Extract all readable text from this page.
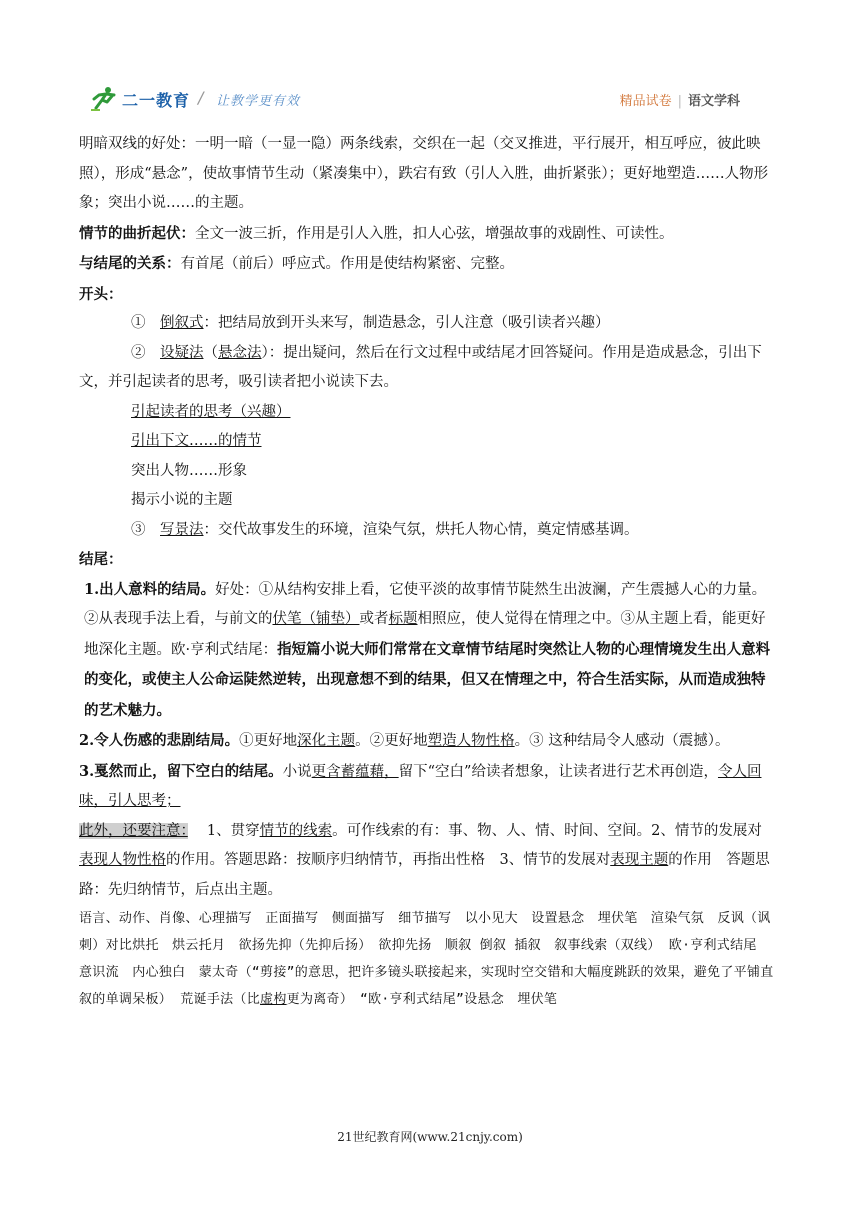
二一教育 / 让教学更有效	精品试卷 | 语文学科

明暗双线的好处：一明一暗（一显一隐）两条线索，交织在一起（交叉推进，平行展开，相互呼应，彼此映照），形成“悬念”，使故事情节生动（紧凑集中），跌宕有致（引人入胜，曲折紧张）；更好地塑造……人物形象；突出小说……的主题。

情节的曲折起伏：全文一波三折，作用是引人入胜，扣人心弦，增强故事的戏剧性、可读性。

与结尾的关系：有首尾（前后）呼应式。作用是使结构紧密、完整。

开头：

①　 倒叙式：把结局放到开头来写，制造悬念，引人注意（吸引读者兴趣）

②　 设疑法（悬念法）：提出疑问，然后在行文过程中或结尾才回答疑问。作用是造成悬念，引出下文，并引起读者的思考，吸引读者把小说读下去。

引起读者的思考（兴趣）

引出下文……的情节

突出人物……形象

揭示小说的主题

③　 写景法：交代故事发生的环境，渲染气氛，烘托人物心情，奠定情感基调。

结尾：

1.出人意料的结局。好处：①从结构安排上看，它使平淡的故事情节陡然生出波澜，产生震撼人心的力量。②从表现手法上看，与前文的伏笔（铺垫）或者标题相照应，使人觉得在情理之中。③从主题上看，能更好地深化主题。欧·亨利式结尾：指短篇小说大师们常常在文章情节结尾时突然让人物的心理情境发生出人意料的变化，或使主人公命运陡然逆转，出现意想不到的结果，但又在情理之中，符合生活实际，从而造成独特的艺术魅力。

2.令人伤感的悲剧结局。①更好地深化主题。②更好地塑造人物性格。③ 这种结局令人感动（震撼）。

3.戛然而止，留下空白的结尾。小说更含蓄蕴藉，留下“空白”给读者想象，让读者进行艺术再创造，令人回味，引人思考；

此外，还要注意：　 1、贯穿情节的线索。可作线索的有：事、物、人、情、时间、空间。2、情节的发展对表现人物性格的作用。答题思路：按顺序归纳情节，再指出性格　3、情节的发展对表现主题的作用　答题思路：先归纳情节，后点出主题。

语言、动作、肖像、心理描写　正面描写　侧面描写　细节描写　以小见大　设置悬念　埋伏笔　渲染气氛　反讽（讽刺）对比烘托　烘云托月　欲扬先抑（先抑后扬）　欲抑先扬　顺叙 倒叙 插叙　叙事线索（双线） 欧·亨利式结尾 意识流　内心独白　蒙太奇（“剪接”的意思，把许多镜头联接起来，实现时空交错和大幅度跳跃的效果，避免了平铺直叙的单调呆板） 荒诞手法（比虚构更为离奇）　“欧·亨利式结尾”设悬念　埋伏笔

21世纪教育网(www.21cnjy.com)
